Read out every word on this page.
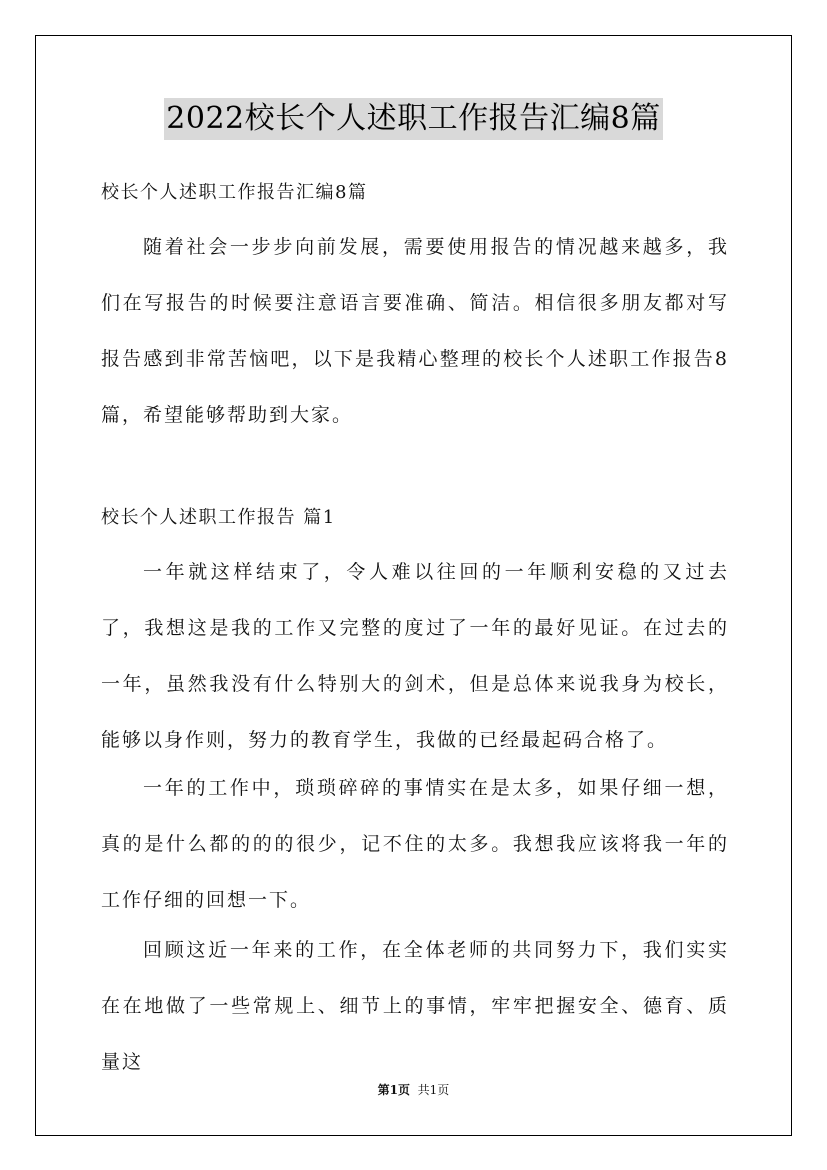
2022校长个人述职工作报告汇编8篇
校长个人述职工作报告汇编8篇

随着社会一步步向前发展，需要使用报告的情况越来越多，我们在写报告的时候要注意语言要准确、简洁。相信很多朋友都对写报告感到非常苦恼吧，以下是我精心整理的校长个人述职工作报告8篇，希望能够帮助到大家。

校长个人述职工作报告 篇1

一年就这样结束了，令人难以往回的一年顺利安稳的又过去了，我想这是我的工作又完整的度过了一年的最好见证。在过去的一年，虽然我没有什么特别大的剑术，但是总体来说我身为校长，能够以身作则，努力的教育学生，我做的已经最起码合格了。

一年的工作中，琐琐碎碎的事情实在是太多，如果仔细一想，真的是什么都的的的很少，记不住的太多。我想我应该将我一年的工作仔细的回想一下。

回顾这近一年来的工作，在全体老师的共同努力下，我们实实在在地做了一些常规上、细节上的事情，牢牢把握安全、德育、质量这

第1页 共1页
